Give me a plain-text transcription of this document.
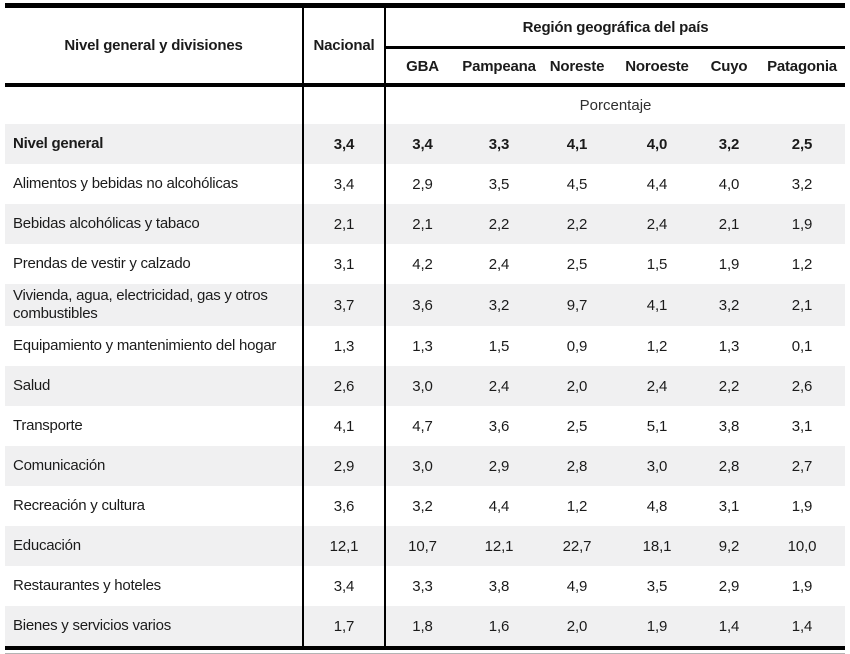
Nivel general y divisiones	Nacional	Región geográfica del país					
		GBA	Pampeana	Noreste	Noroeste	Cuyo	Patagonia
		Porcentaje					
Nivel general	3,4	3,4	3,3	4,1	4,0	3,2	2,5
Alimentos y bebidas no alcohólicas	3,4	2,9	3,5	4,5	4,4	4,0	3,2
Bebidas alcohólicas y tabaco	2,1	2,1	2,2	2,2	2,4	2,1	1,9
Prendas de vestir y calzado	3,1	4,2	2,4	2,5	1,5	1,9	1,2
Vivienda, agua, electricidad, gas y otros combustibles	3,7	3,6	3,2	9,7	4,1	3,2	2,1
Equipamiento y mantenimiento del hogar	1,3	1,3	1,5	0,9	1,2	1,3	0,1
Salud	2,6	3,0	2,4	2,0	2,4	2,2	2,6
Transporte	4,1	4,7	3,6	2,5	5,1	3,8	3,1
Comunicación	2,9	3,0	2,9	2,8	3,0	2,8	2,7
Recreación y cultura	3,6	3,2	4,4	1,2	4,8	3,1	1,9
Educación	12,1	10,7	12,1	22,7	18,1	9,2	10,0
Restaurantes y hoteles	3,4	3,3	3,8	4,9	3,5	2,9	1,9
Bienes y servicios varios	1,7	1,8	1,6	2,0	1,9	1,4	1,4
